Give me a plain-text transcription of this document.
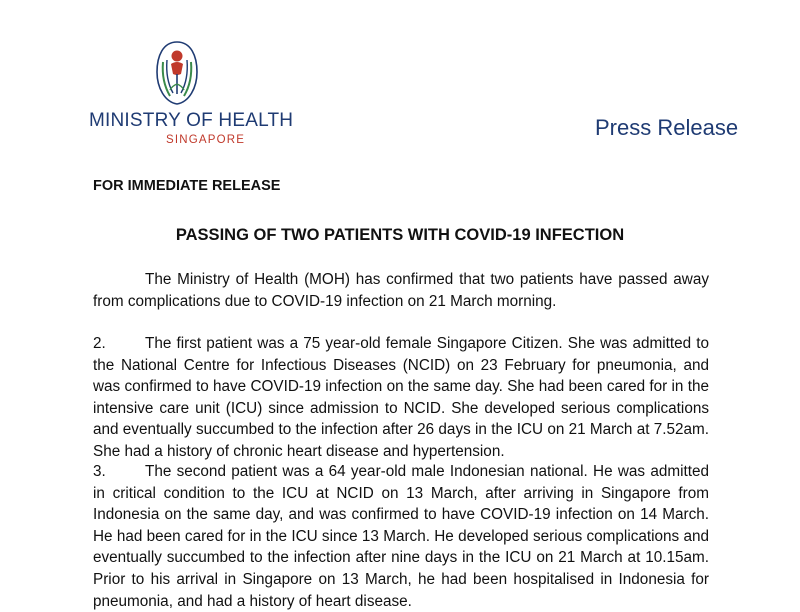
MINISTRY OF HEALTH
SINGAPORE	Press Release
FOR IMMEDIATE RELEASE
PASSING OF TWO PATIENTS WITH COVID-19 INFECTION

The Ministry of Health (MOH) has confirmed that two patients have passed away from complications due to COVID-19 infection on 21 March morning.

2.	The first patient was a 75 year-old female Singapore Citizen. She was admitted to the National Centre for Infectious Diseases (NCID) on 23 February for pneumonia, and was confirmed to have COVID-19 infection on the same day. She had been cared for in the intensive care unit (ICU) since admission to NCID. She developed serious complications and eventually succumbed to the infection after 26 days in the ICU on 21 March at 7.52am. She had a history of chronic heart disease and hypertension.

3.	The second patient was a 64 year-old male Indonesian national. He was admitted in critical condition to the ICU at NCID on 13 March, after arriving in Singapore from Indonesia on the same day, and was confirmed to have COVID-19 infection on 14 March. He had been cared for in the ICU since 13 March. He developed serious complications and eventually succumbed to the infection after nine days in the ICU on 21 March at 10.15am. Prior to his arrival in Singapore on 13 March, he had been hospitalised in Indonesia for pneumonia, and had a history of heart disease.
